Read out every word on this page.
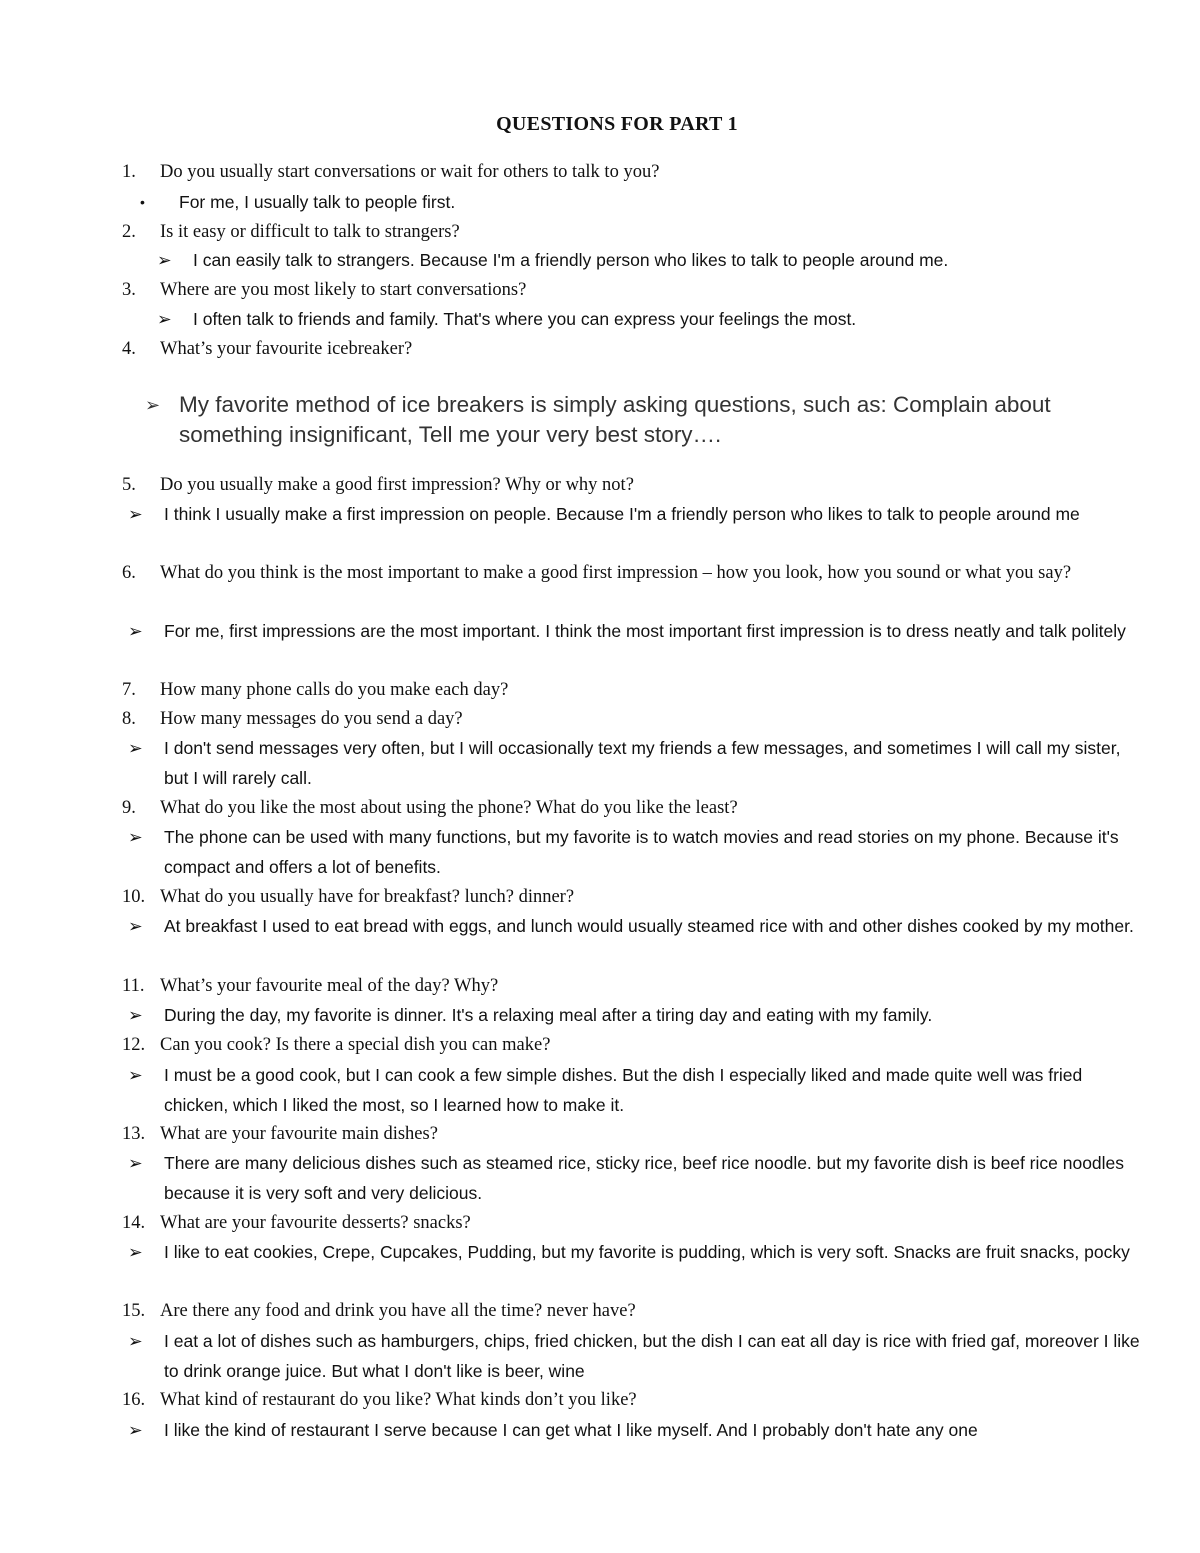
QUESTIONS FOR PART 1
1.	Do you usually start conversations or wait for others to talk to you?
•	For me, I usually talk to people first.
2.	Is it easy or difficult to talk to strangers?
➢	I can easily talk to strangers. Because I'm a friendly person who likes to talk to people around me.
3.	Where are you most likely to start conversations?
➢	I often talk to friends and family. That's where you can express your feelings the most.
4.	What’s your favourite icebreaker?
➢ My favorite method of ice breakers is simply asking questions, such as: Complain about something insignificant, Tell me your very best story….
5.	Do you usually make a good first impression? Why or why not?
➢	I think I usually make a first impression on people. Because I'm a friendly person who likes to talk to people around me
6.	What do you think is the most important to make a good first impression – how you look, how you sound or what you say?
➢	For me, first impressions are the most important. I think the most important first impression is to dress neatly and talk politely
7.	How many phone calls do you make each day?
8.	How many messages do you send a day?
➢	I don't send messages very often, but I will occasionally text my friends a few messages, and sometimes I will call my sister, but I will rarely call.
9.	What do you like the most about using the phone? What do you like the least?
➢	The phone can be used with many functions, but my favorite is to watch movies and read stories on my phone. Because it's compact and offers a lot of benefits.
10. What do you usually have for breakfast? lunch? dinner?
➢	At breakfast I used to eat bread with eggs, and lunch would usually steamed rice with and other dishes cooked by my mother.
11. What’s your favourite meal of the day? Why?
➢	During the day, my favorite is dinner. It's a relaxing meal after a tiring day and eating with my family.
12. Can you cook? Is there a special dish you can make?
➢	I must be a good cook, but I can cook a few simple dishes. But the dish I especially liked and made quite well was fried chicken, which I liked the most, so I learned how to make it.
13. What are your favourite main dishes?
➢	There are many delicious dishes such as steamed rice, sticky rice, beef rice noodle. but my favorite dish is beef rice noodles because it is very soft and very delicious.
14. What are your favourite desserts? snacks?
➢	I like to eat cookies, Crepe, Cupcakes, Pudding, but my favorite is pudding, which is very soft. Snacks are fruit snacks, pocky
15. Are there any food and drink you have all the time? never have?
➢	I eat a lot of dishes such as hamburgers, chips, fried chicken, but the dish I can eat all day is rice with fried gaf, moreover I like to drink orange juice. But what I don't like is beer, wine
16. What kind of restaurant do you like? What kinds don’t you like?
➢	I like the kind of restaurant I serve because I can get what I like myself. And I probably don't hate any one
